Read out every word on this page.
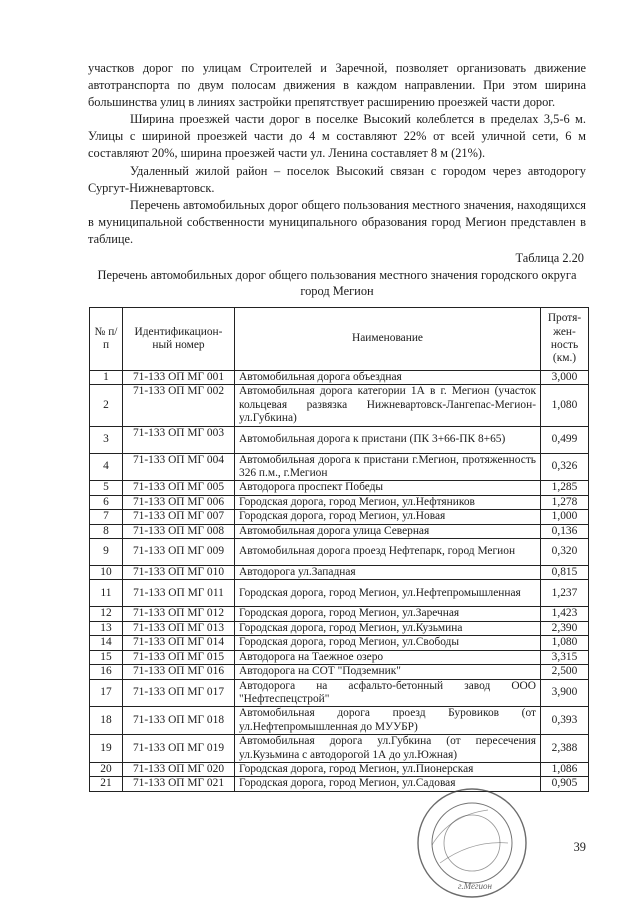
участков дорог по улицам Строителей и Заречной, позволяет организовать движение автотранспорта по двум полосам движения в каждом направлении. При этом ширина большинства улиц в линиях застройки препятствует расширению проезжей части дорог.

Ширина проезжей части дорог в поселке Высокий колеблется в пределах 3,5-6 м. Улицы с шириной проезжей части до 4 м составляют 22% от всей уличной сети, 6 м составляют 20%, ширина проезжей части ул. Ленина составляет 8 м (21%).

Удаленный жилой район – поселок Высокий связан с городом через автодорогу Сургут-Нижневартовск.

Перечень автомобильных дорог общего пользования местного значения, находящихся в муниципальной собственности муниципального образования город Мегион представлен в таблице.

Таблица 2.20
Перечень автомобильных дорог общего пользования местного значения городского округа город Мегион
№ п/п	Идентификацион-ный номер	Наименование	Протя-жен-ность (км.)
1	71-133 ОП МГ 001	Автомобильная дорога объездная	3,000
2	71-133 ОП МГ 002	Автомобильная дорога категории 1А в г. Мегион (участок кольцевая развязка Нижневартовск-Лангепас-Мегион-ул.Губкина)	1,080
3	71-133 ОП МГ 003	Автомобильная дорога к пристани (ПК 3+66-ПК 8+65)	0,499
4	71-133 ОП МГ 004	Автомобильная дорога к пристани г.Мегион, протяженность 326 п.м., г.Мегион	0,326
5	71-133 ОП МГ 005	Автодорога проспект Победы	1,285
6	71-133 ОП МГ 006	Городская дорога, город Мегион, ул.Нефтяников	1,278
7	71-133 ОП МГ 007	Городская дорога, город Мегион, ул.Новая	1,000
8	71-133 ОП МГ 008	Автомобильная дорога улица Северная	0,136
9	71-133 ОП МГ 009	Автомобильная дорога проезд Нефтепарк, город Мегион	0,320
10	71-133 ОП МГ 010	Автодорога ул.Западная	0,815
11	71-133 ОП МГ 011	Городская дорога, город Мегион, ул.Нефтепромышленная	1,237
12	71-133 ОП МГ 012	Городская дорога, город Мегион, ул.Заречная	1,423
13	71-133 ОП МГ 013	Городская дорога, город Мегион, ул.Кузьмина	2,390
14	71-133 ОП МГ 014	Городская дорога, город Мегион, ул.Свободы	1,080
15	71-133 ОП МГ 015	Автодорога на Таежное озеро	3,315
16	71-133 ОП МГ 016	Автодорога на СОТ "Подземник"	2,500
17	71-133 ОП МГ 017	Автодорога на асфальто-бетонный завод ООО "Нефтеспецстрой"	3,900
18	71-133 ОП МГ 018	Автомобильная дорога проезд Буровиков (от ул.Нефтепромышленная до МУУБР)	0,393
19	71-133 ОП МГ 019	Автомобильная дорога ул.Губкина (от пересечения ул.Кузьмина с автодорогой 1А до ул.Южная)	2,388
20	71-133 ОП МГ 020	Городская дорога, город Мегион, ул.Пионерская	1,086
21	71-133 ОП МГ 021	Городская дорога, город Мегион, ул.Садовая	0,905
г.Мегион
39
